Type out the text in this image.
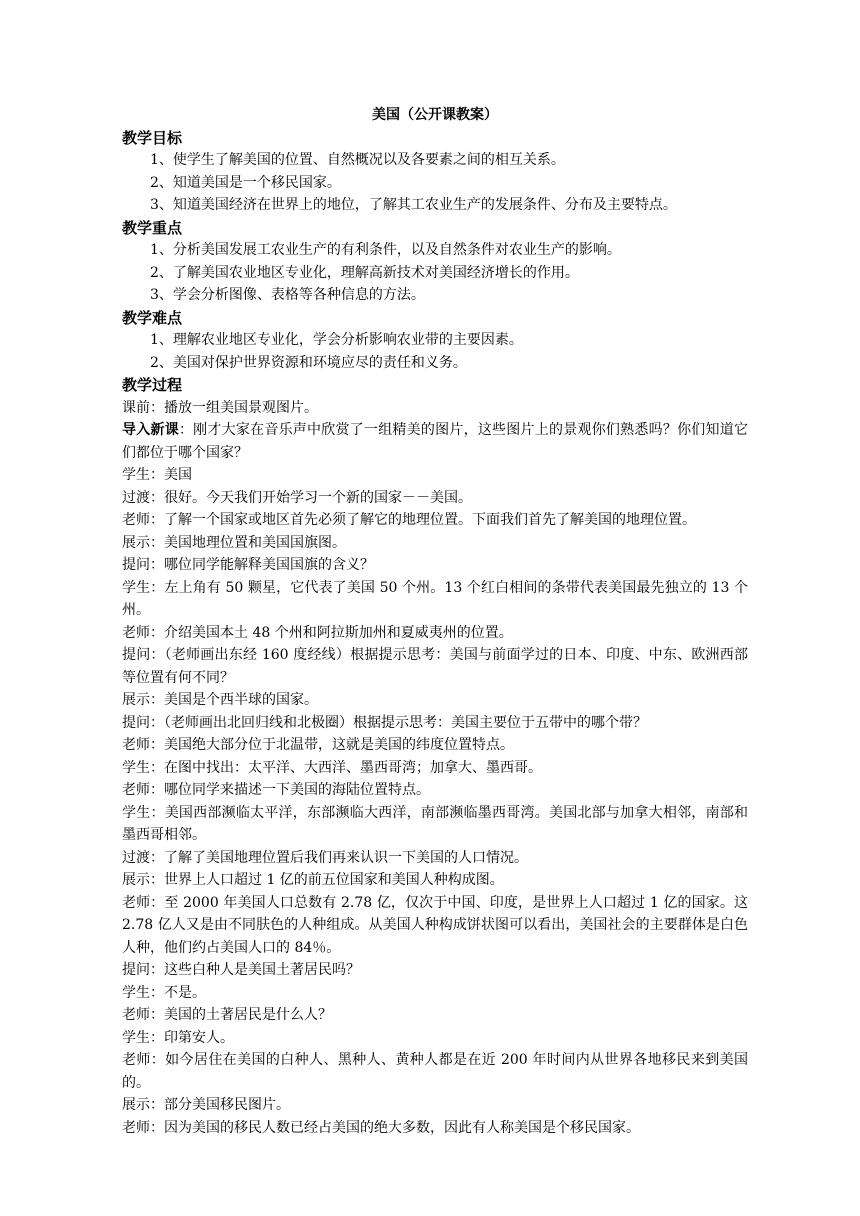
美国（公开课教案）
教学目标
1、使学生了解美国的位置、自然概况以及各要素之间的相互关系。
2、知道美国是一个移民国家。
3、知道美国经济在世界上的地位，了解其工农业生产的发展条件、分布及主要特点。
教学重点
1、分析美国发展工农业生产的有利条件，以及自然条件对农业生产的影响。
2、了解美国农业地区专业化，理解高新技术对美国经济增长的作用。
3、学会分析图像、表格等各种信息的方法。
教学难点
1、理解农业地区专业化，学会分析影响农业带的主要因素。
2、美国对保护世界资源和环境应尽的责任和义务。
教学过程
课前：播放一组美国景观图片。
导入新课：刚才大家在音乐声中欣赏了一组精美的图片，这些图片上的景观你们熟悉吗？你们知道它们都位于哪个国家？
学生：美国
过渡：很好。今天我们开始学习一个新的国家－－美国。
老师：了解一个国家或地区首先必须了解它的地理位置。下面我们首先了解美国的地理位置。
展示：美国地理位置和美国国旗图。
提问：哪位同学能解释美国国旗的含义？
学生：左上角有 50 颗星，它代表了美国 50 个州。13 个红白相间的条带代表美国最先独立的 13 个州。
老师：介绍美国本土 48 个州和阿拉斯加州和夏威夷州的位置。
提问：（老师画出东经 160 度经线）根据提示思考：美国与前面学过的日本、印度、中东、欧洲西部等位置有何不同？
展示：美国是个西半球的国家。
提问：（老师画出北回归线和北极圈）根据提示思考：美国主要位于五带中的哪个带？
老师：美国绝大部分位于北温带，这就是美国的纬度位置特点。
学生：在图中找出：太平洋、大西洋、墨西哥湾；加拿大、墨西哥。
老师：哪位同学来描述一下美国的海陆位置特点。
学生：美国西部濒临太平洋，东部濒临大西洋，南部濒临墨西哥湾。美国北部与加拿大相邻，南部和墨西哥相邻。
过渡：了解了美国地理位置后我们再来认识一下美国的人口情况。
展示：世界上人口超过 1 亿的前五位国家和美国人种构成图。
老师：至 2000 年美国人口总数有 2.78 亿，仅次于中国、印度，是世界上人口超过 1 亿的国家。这 2.78 亿人又是由不同肤色的人种组成。从美国人种构成饼状图可以看出，美国社会的主要群体是白色人种，他们约占美国人口的 84％。
提问：这些白种人是美国土著居民吗？
学生：不是。
老师：美国的土著居民是什么人？
学生：印第安人。
老师：如今居住在美国的白种人、黑种人、黄种人都是在近 200 年时间内从世界各地移民来到美国的。
展示：部分美国移民图片。
老师：因为美国的移民人数已经占美国的绝大多数，因此有人称美国是个移民国家。
